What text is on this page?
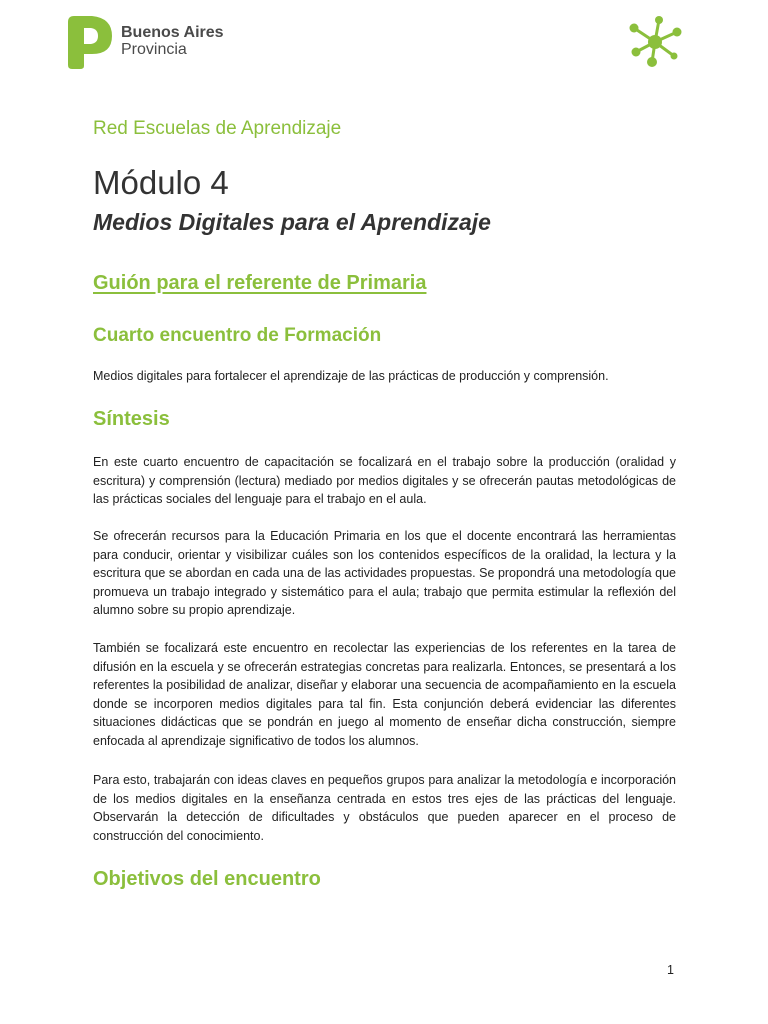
Buenos Aires
Provincia
Red Escuelas de Aprendizaje
Módulo 4
Medios Digitales para el Aprendizaje
Guión para el referente de Primaria
Cuarto encuentro de Formación
Medios digitales para fortalecer el aprendizaje de las prácticas de producción y comprensión.
Síntesis

En este cuarto encuentro de capacitación se focalizará en el trabajo sobre la producción (oralidad y escritura) y comprensión (lectura) mediado por medios digitales y se ofrecerán pautas metodológicas de las prácticas sociales del lenguaje para el trabajo en el aula.

Se ofrecerán recursos para la Educación Primaria en los que el docente encontrará las herramientas para conducir, orientar y visibilizar cuáles son los contenidos específicos de la oralidad, la lectura y la escritura que se abordan en cada una de las actividades propuestas. Se propondrá una metodología que promueva un trabajo integrado y sistemático para el aula; trabajo que permita estimular la reflexión del alumno sobre su propio aprendizaje.

También se focalizará este encuentro en recolectar las experiencias de los referentes en la tarea de difusión en la escuela y se ofrecerán estrategias concretas para realizarla. Entonces, se presentará a los referentes la posibilidad de analizar, diseñar y elaborar una secuencia de acompañamiento en la escuela donde se incorporen medios digitales para tal fin. Esta conjunción deberá evidenciar las diferentes situaciones didácticas que se pondrán en juego al momento de enseñar dicha construcción, siempre enfocada al aprendizaje significativo de todos los alumnos.

Para esto, trabajarán con ideas claves en pequeños grupos para analizar la metodología e incorporación de los medios digitales en la enseñanza centrada en estos tres ejes de las prácticas del lenguaje. Observarán la detección de dificultades y obstáculos que pueden aparecer en el proceso de construcción del conocimiento.

Objetivos del encuentro
1
